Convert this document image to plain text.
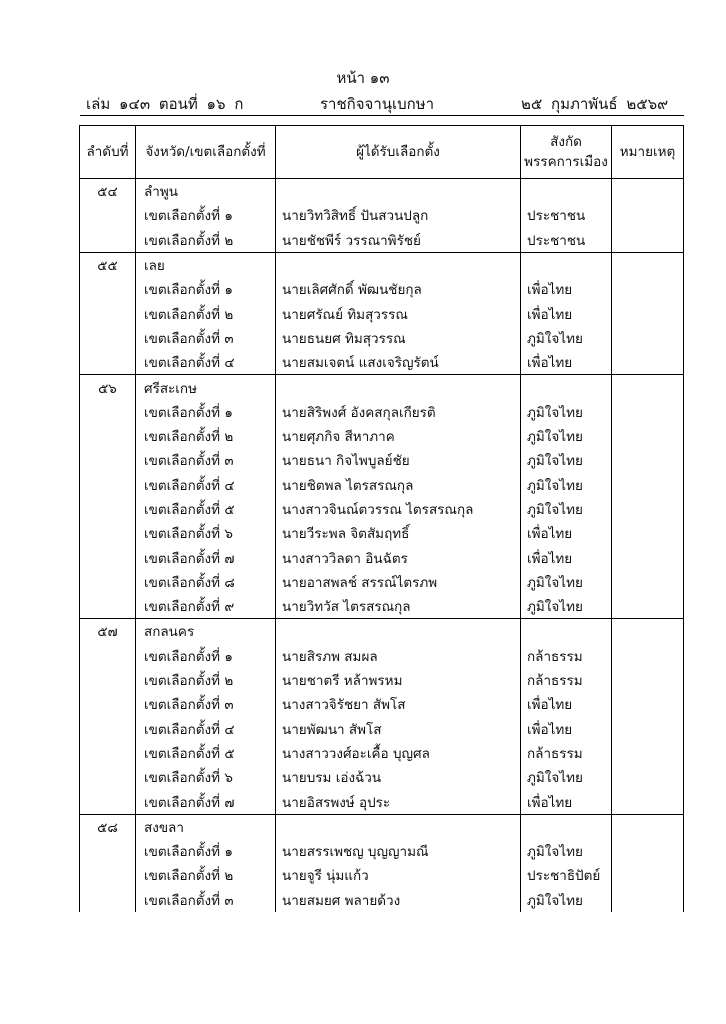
หน้า ๑๓
เล่ม ๑๔๓ ตอนที่ ๑๖ ก	ราชกิจจานุเบกษา	๒๕ กุมภาพันธ์ ๒๕๖๙
ลำดับที่	จังหวัด/เขตเลือกตั้งที่	ผู้ได้รับเลือกตั้ง	สังกัด
พรรคการเมือง	หมายเหตุ
๕๔	ลำพูน			
	เขตเลือกตั้งที่ ๑	นายวิทวิสิทธิ์ ปันสวนปลูก	ประชาชน	
	เขตเลือกตั้งที่ ๒	นายชัชพีร์ วรรณาพิรัชย์	ประชาชน	
๕๕	เลย			
	เขตเลือกตั้งที่ ๑	นายเลิศศักดิ์ พัฒนชัยกุล	เพื่อไทย	
	เขตเลือกตั้งที่ ๒	นายศรัณย์ ทิมสุวรรณ	เพื่อไทย	
	เขตเลือกตั้งที่ ๓	นายธนยศ ทิมสุวรรณ	ภูมิใจไทย	
	เขตเลือกตั้งที่ ๔	นายสมเจตน์ แสงเจริญรัตน์	เพื่อไทย	
๕๖	ศรีสะเกษ			
	เขตเลือกตั้งที่ ๑	นายสิริพงศ์ อังคสกุลเกียรติ	ภูมิใจไทย	
	เขตเลือกตั้งที่ ๒	นายศุภกิจ สีหาภาค	ภูมิใจไทย	
	เขตเลือกตั้งที่ ๓	นายธนา กิจไพบูลย์ชัย	ภูมิใจไทย	
	เขตเลือกตั้งที่ ๔	นายชิตพล ไตรสรณกุล	ภูมิใจไทย	
	เขตเลือกตั้งที่ ๕	นางสาวจินณ์ตวรรณ ไตรสรณกุล	ภูมิใจไทย	
	เขตเลือกตั้งที่ ๖	นายวีระพล จิตสัมฤทธิ์	เพื่อไทย	
	เขตเลือกตั้งที่ ๗	นางสาววิลดา อินฉัตร	เพื่อไทย	
	เขตเลือกตั้งที่ ๘	นายอาสพลช์ สรรณ์ไตรภพ	ภูมิใจไทย	
	เขตเลือกตั้งที่ ๙	นายวิทวัส ไตรสรณกุล	ภูมิใจไทย	
๕๗	สกลนคร			
	เขตเลือกตั้งที่ ๑	นายสิรภพ สมผล	กล้าธรรม	
	เขตเลือกตั้งที่ ๒	นายชาตรี หล้าพรหม	กล้าธรรม	
	เขตเลือกตั้งที่ ๓	นางสาวจิรัชยา สัพโส	เพื่อไทย	
	เขตเลือกตั้งที่ ๔	นายพัฒนา สัพโส	เพื่อไทย	
	เขตเลือกตั้งที่ ๕	นางสาววงศ์อะเคื้อ บุญศล	กล้าธรรม	
	เขตเลือกตั้งที่ ๖	นายบรม เอ่งฉ้วน	ภูมิใจไทย	
	เขตเลือกตั้งที่ ๗	นายอิสรพงษ์ อุประ	เพื่อไทย	
๕๘	สงขลา			
	เขตเลือกตั้งที่ ๑	นายสรรเพชญ บุญญามณี	ภูมิใจไทย	
	เขตเลือกตั้งที่ ๒	นายจูรี นุ่มแก้ว	ประชาธิปัตย์	
	เขตเลือกตั้งที่ ๓	นายสมยศ พลายด้วง	ภูมิใจไทย	
